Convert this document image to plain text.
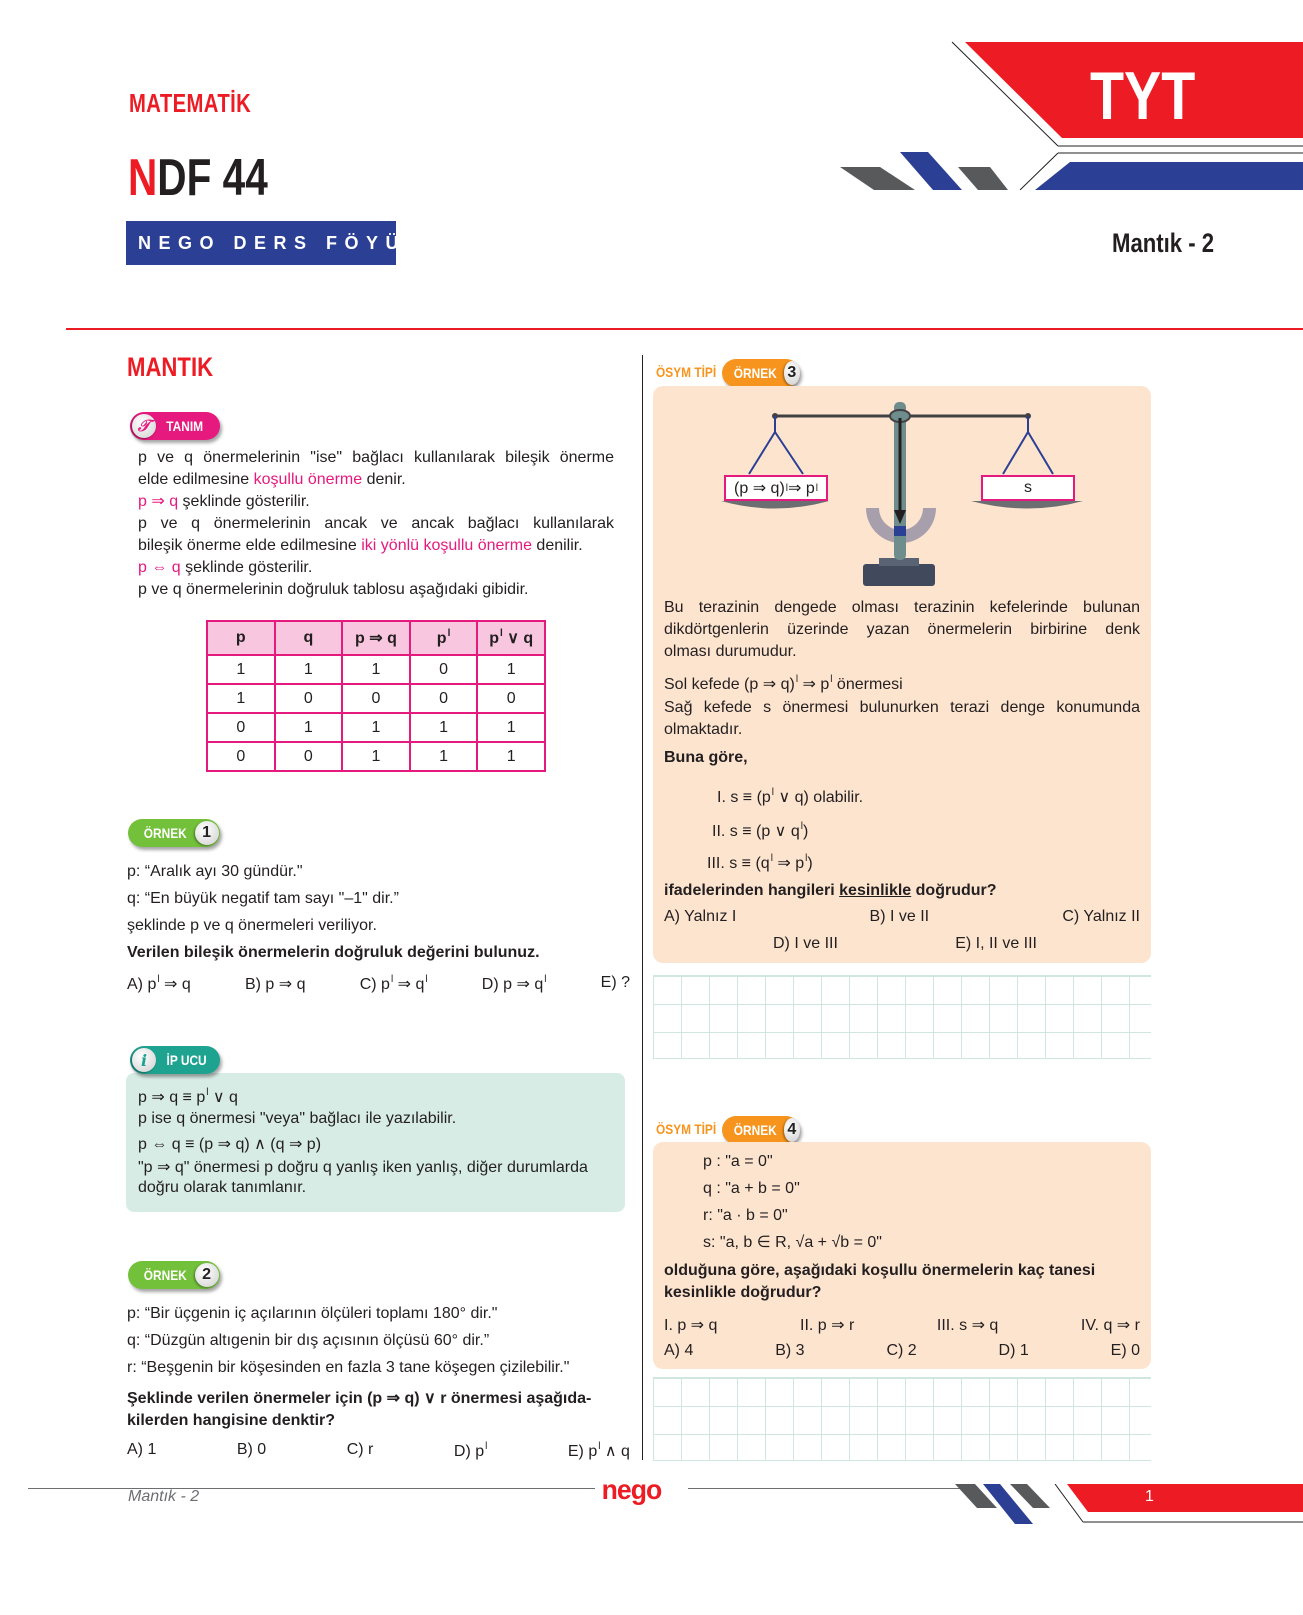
MATEMATİK
NDF 44
NEGO DERS FÖYÜ
TYT
Mantık - 2
MANTIK
𝒯	TANIM
p ve q önermelerinin "ise" bağlacı kullanılarak bileşik önerme
elde edilmesine koşullu önerme denir.
p ⇒ q şeklinde gösterilir.
p ve q önermelerinin ancak ve ancak bağlacı kullanılarak
bileşik önerme elde edilmesine iki yönlü koşullu önerme denilir.
p ⇔ q şeklinde gösterilir.
p ve q önermelerinin doğruluk tablosu aşağıdaki gibidir.
p	q	p ⇒ q	$p^l$	$p^l$ ∨ q
1	1	1	0	1
1	0	0	0	0
0	1	1	1	1
0	0	1	1	1
ÖRNEK 1
p: “Aralık ayı 30 gündür."
q: “En büyük negatif tam sayı "–1" dir.”
şeklinde p ve q önermeleri veriliyor.
Verilen bileşik önermelerin doğruluk değerini bulunuz.
A) $p^l$ ⇒ q	B) p ⇒ q	C) $p^l$ ⇒ $q^l$	D) p ⇒ $q^l$	E) ?
i	İP UCU
p ⇒ $q \equiv p^l$ ∨ q
p ise q önermesi "veya" bağlacı ile yazılabilir.
p ⇔ q ≡ (p ⇒ q) ∧ (q ⇒ p)
"p ⇒ q" önermesi p doğru q yanlış iken yanlış, diğer durumlarda
doğru olarak tanımlanır.
ÖRNEK 2
p: “Bir üçgenin iç açılarının ölçüleri toplamı 180° dir."
q: “Düzgün altıgenin bir dış açısının ölçüsü 60° dir.”
r: “Beşgenin bir köşesinden en fazla 3 tane köşegen çizilebilir."
Şeklinde verilen önermeler için (p ⇒ q) ∨ r önermesi aşağıda-
kilerden hangisine denktir?
A) 1	B) 0	C) r	D) $p^l$	E) $p^l$ ∧ q
ÖSYM TİPİ ÖRNEK 3
(p ⇒ q) l ⇒ p l	s
Bu terazinin dengede olması terazinin kefelerinde bulunan
dikdörtgenlerin üzerinde yazan önermelerin birbirine denk
olması durumudur.
Sol kefede (p ⇒ q)$^l$ ⇒ $p^l$ önermesi
Sağ kefede s önermesi bulunurken terazi denge konumunda
olmaktadır.
Buna göre,
I. $s \equiv (p^l$ ∨ q) olabilir.
II. s ≡ (p ∨ $q^l$)
III. $s \equiv (q^l$ ⇒ $p^l$)
ifadelerinden hangileri kesinlikle doğrudur?
A) Yalnız I	B) I ve II	C) Yalnız II
D) I ve III	E) I, II ve III
ÖSYM TİPİ ÖRNEK 4
p : "a = 0"
q : "a + b = 0"
r: "a · b = 0"
s: "a, b ∈ R, √a + √b = 0"
olduğuna göre, aşağıdaki koşullu önermelerin kaç tanesi
kesinlikle doğrudur?
I. p ⇒ q	II. p ⇒ r	III. s ⇒ q	IV. q ⇒ r
A) 4	B) 3	C) 2	D) 1	E) 0
Mantık - 2	nego	1
